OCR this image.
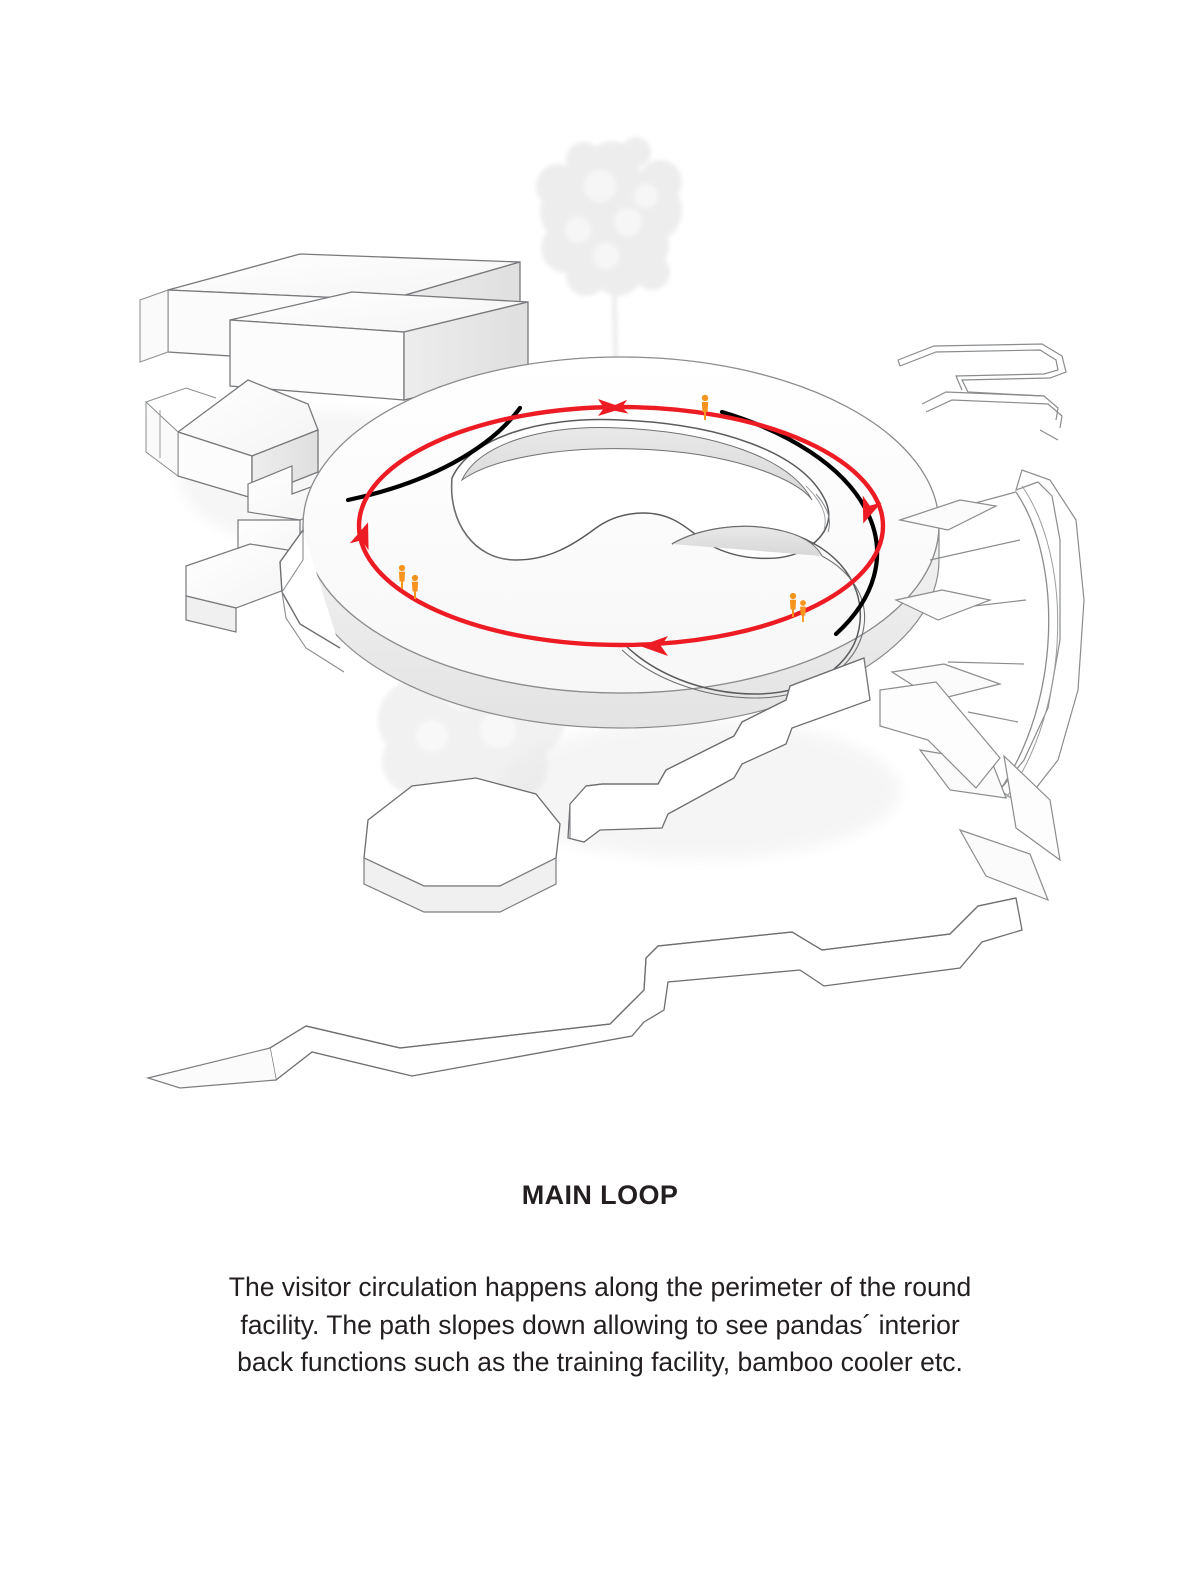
MAIN LOOP
The visitor circulation happens along the perimeter of the round
facility. The path slopes down allowing to see pandas´ interior
back functions such as the training facility, bamboo cooler etc.
